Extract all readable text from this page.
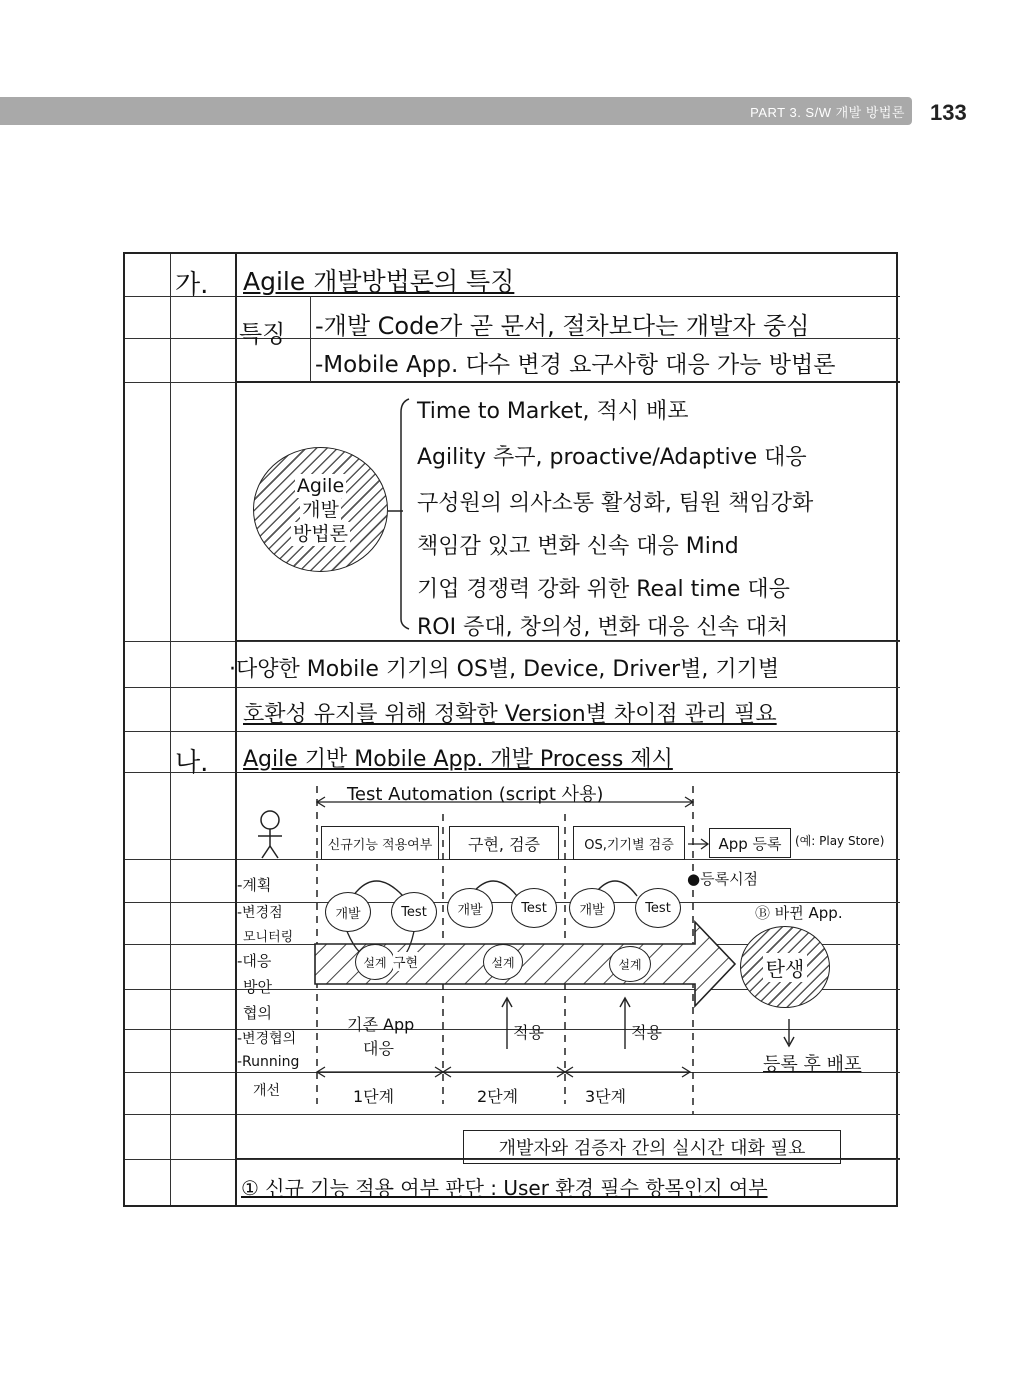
PART 3. S/W 개발 방법론 133
가. Agile 개발방법론의 특징
특징 -개발 Code가 곧 문서, 절차보다는 개발자 중심
-Mobile App. 다수 변경 요구사항 대응 가능 방법론
Agile
개발
방법론
Time to Market, 적시 배포
Agility 추구, proactive/Adaptive 대응
구성원의 의사소통 활성화, 팀원 책임강화
책임감 있고 변화 신속 대응 Mind
기업 경쟁력 강화 위한 Real time 대응
ROI 증대, 창의성, 변화 대응 신속 대처
·다양한 Mobile 기기의 OS별, Device, Driver별, 기기별
호환성 유지를 위해 정확한 Version별 차이점 관리 필요
나. Agile 기반 Mobile App. 개발 Process 제시
Test Automation (script 사용)
신규기능 적용여부	구현, 검증	OS,기기별 검증	App 등록	(예: Play Store)
-계획
-변경점
모니터링
-대응
방안
협의
-변경협의
-Running
개선
개발	Test	개발	Test	개발	Test
설계 구현	설계	설계
●등록시점
Ⓑ 바뀐 App.
탄생
기존 App
대응
적용	적용
등록 후 배포
1단계	2단계	3단계
개발자와 검증자 간의 실시간 대화 필요
① 신규 기능 적용 여부 판단 : User 환경 필수 항목인지 여부
